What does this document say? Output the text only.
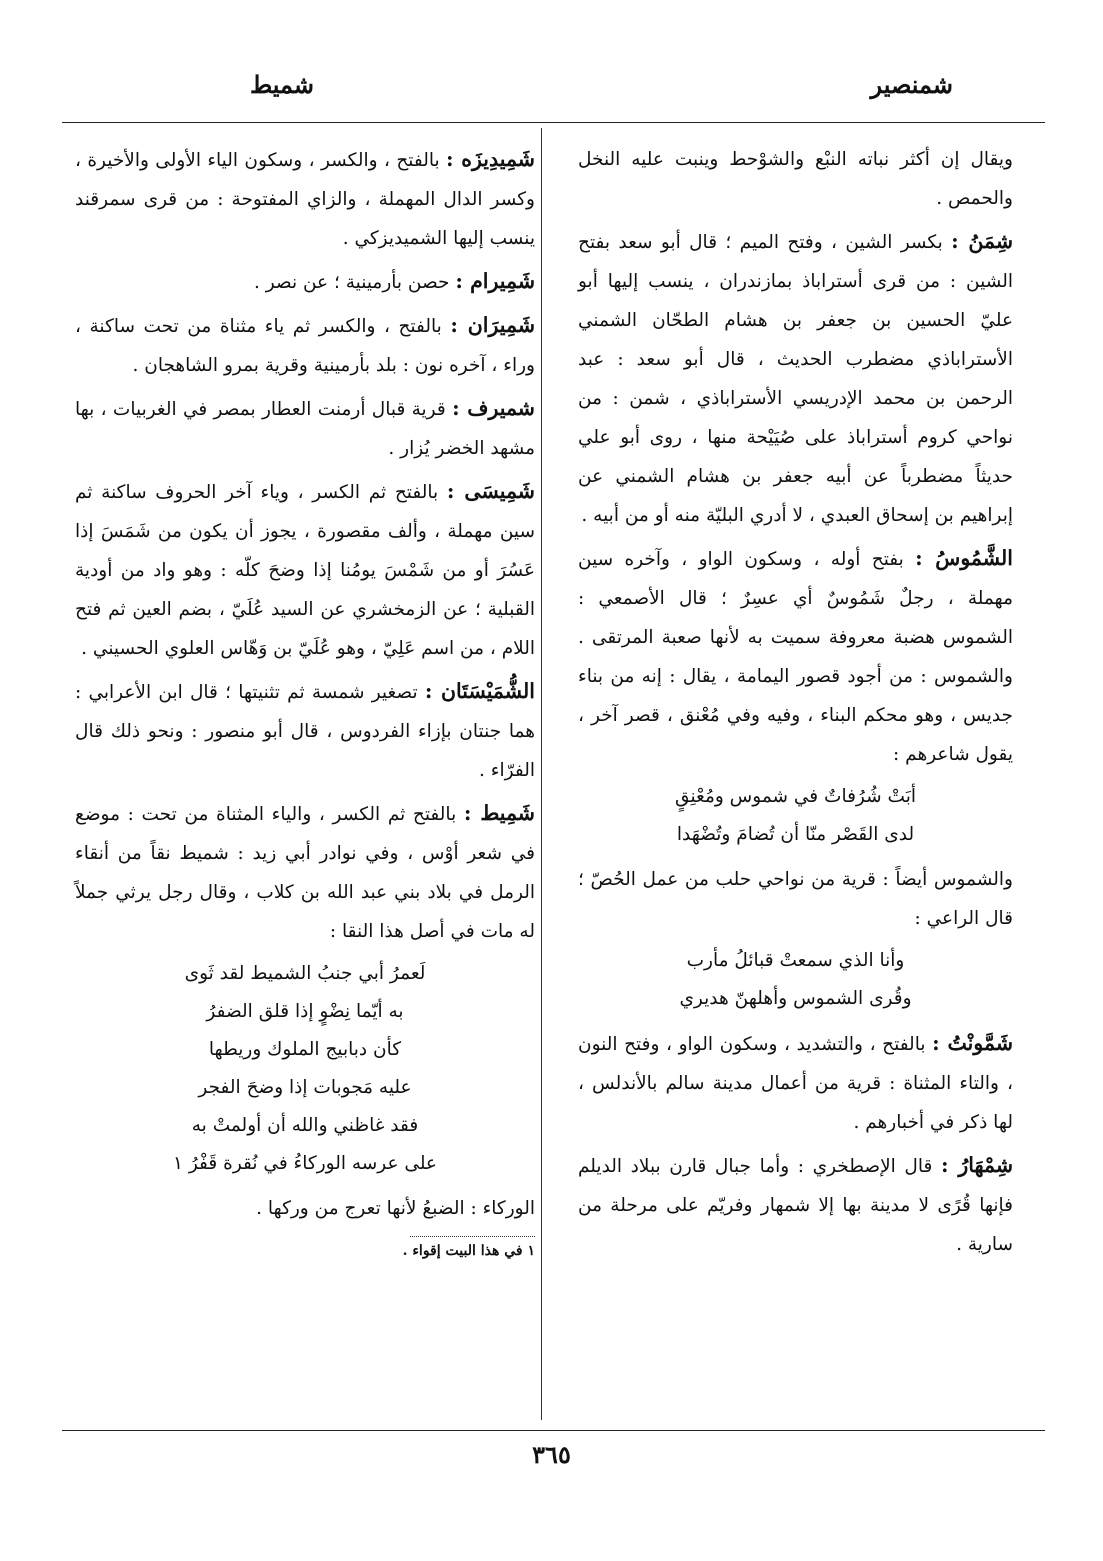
شمنصير
شميط
ويقال إن أكثر نباته النبْع والشوْحط وينبت عليه النخل والحمص .
شِمَنُ : بكسر الشين ، وفتح الميم ؛ قال أبو سعد بفتح الشين : من قرى أستراباذ بمازندران ، ينسب إليها أبو عليّ الحسين بن جعفر بن هشام الطحّان الشمني الأستراباذي مضطرب الحديث ، قال أبو سعد : عبد الرحمن بن محمد الإدريسي الأستراباذي ، شمن : من نواحي كروم أستراباذ على صُيَيْحة منها ، روى أبو علي حديثاً مضطرباً عن أبيه جعفر بن هشام الشمني عن إبراهيم بن إسحاق العبدي ، لا أدري البليّة منه أو من أبيه .
الشَّمُوسُ : بفتح أوله ، وسكون الواو ، وآخره سين مهملة ، رجلٌ شَمُوسٌ أي عسِرٌ ؛ قال الأصمعي : الشموس هضبة معروفة سميت به لأنها صعبة المرتقى . والشموس : من أجود قصور اليمامة ، يقال : إنه من بناء جديس ، وهو محكم البناء ، وفيه وفي مُعْنق ، قصر آخر ، يقول شاعرهم :
أبَتْ شُرُفاتٌ في شموس ومُعْنِقٍ
لدى القَصْر منّا أن تُضامَ وتُضْهَدا
والشموس أيضاً : قرية من نواحي حلب من عمل الحُصّ ؛ قال الراعي :
وأنا الذي سمعتْ قبائلُ مأرب
وقُرى الشموس وأهلهنّ هديري
شَمَّونْتُ : بالفتح ، والتشديد ، وسكون الواو ، وفتح النون ، والتاء المثناة : قرية من أعمال مدينة سالم بالأندلس ، لها ذكر في أخبارهم .
شِمْهَارُ : قال الإصطخري : وأما جبال قارن ببلاد الديلم فإنها قُرًى لا مدينة بها إلا شمهار وفريّم على مرحلة من سارية .
شَمِيدِيزَه : بالفتح ، والكسر ، وسكون الياء الأولى والأخيرة ، وكسر الدال المهملة ، والزاي المفتوحة : من قرى سمرقند ينسب إليها الشميديزكي .
شَمِيرام : حصن بأرمينية ؛ عن نصر .
شَمِيرَان : بالفتح ، والكسر ثم ياء مثناة من تحت ساكنة ، وراء ، آخره نون : بلد بأرمينية وقرية بمرو الشاهجان .
شميرف : قرية قبال أرمنت العطار بمصر في الغربيات ، بها مشهد الخضر يُزار .
شَمِيسَى : بالفتح ثم الكسر ، وياء آخر الحروف ساكنة ثم سين مهملة ، وألف مقصورة ، يجوز أن يكون من شَمَسَ إذا عَسُرَ أو من شَمْسَ يومُنا إذا وضحَ كلّه : وهو واد من أودية القبلية ؛ عن الزمخشري عن السيد عُلَيّ ، بضم العين ثم فتح اللام ، من اسم عَلِيّ ، وهو عُلَيّ بن وَهّاس العلوي الحسيني .
الشُّمَيْسَتَان : تصغير شمسة ثم تثنيتها ؛ قال ابن الأعرابي : هما جنتان بإزاء الفردوس ، قال أبو منصور : ونحو ذلك قال الفرّاء .
شَمِيط : بالفتح ثم الكسر ، والياء المثناة من تحت : موضع في شعر أوْس ، وفي نوادر أبي زيد : شميط نقاً من أنقاء الرمل في بلاد بني عبد الله بن كلاب ، وقال رجل يرثي جملاً له مات في أصل هذا النقا :
لَعمرُ أبي جنبُ الشميط لقد ثَوى
به أيّما نِضْوٍ إذا قلق الضفرُ
كأن دبابيج الملوك وريطها
عليه مَجوبات إذا وضحَ الفجر
فقد غاظني والله أن أولمتْ به
على عرسه الوركاءُ في نُقرة قَفْرُ ١
الوركاء : الضبعُ لأنها تعرج من وركها .
١ في هذا البيت إقواء .
٣٦٥
